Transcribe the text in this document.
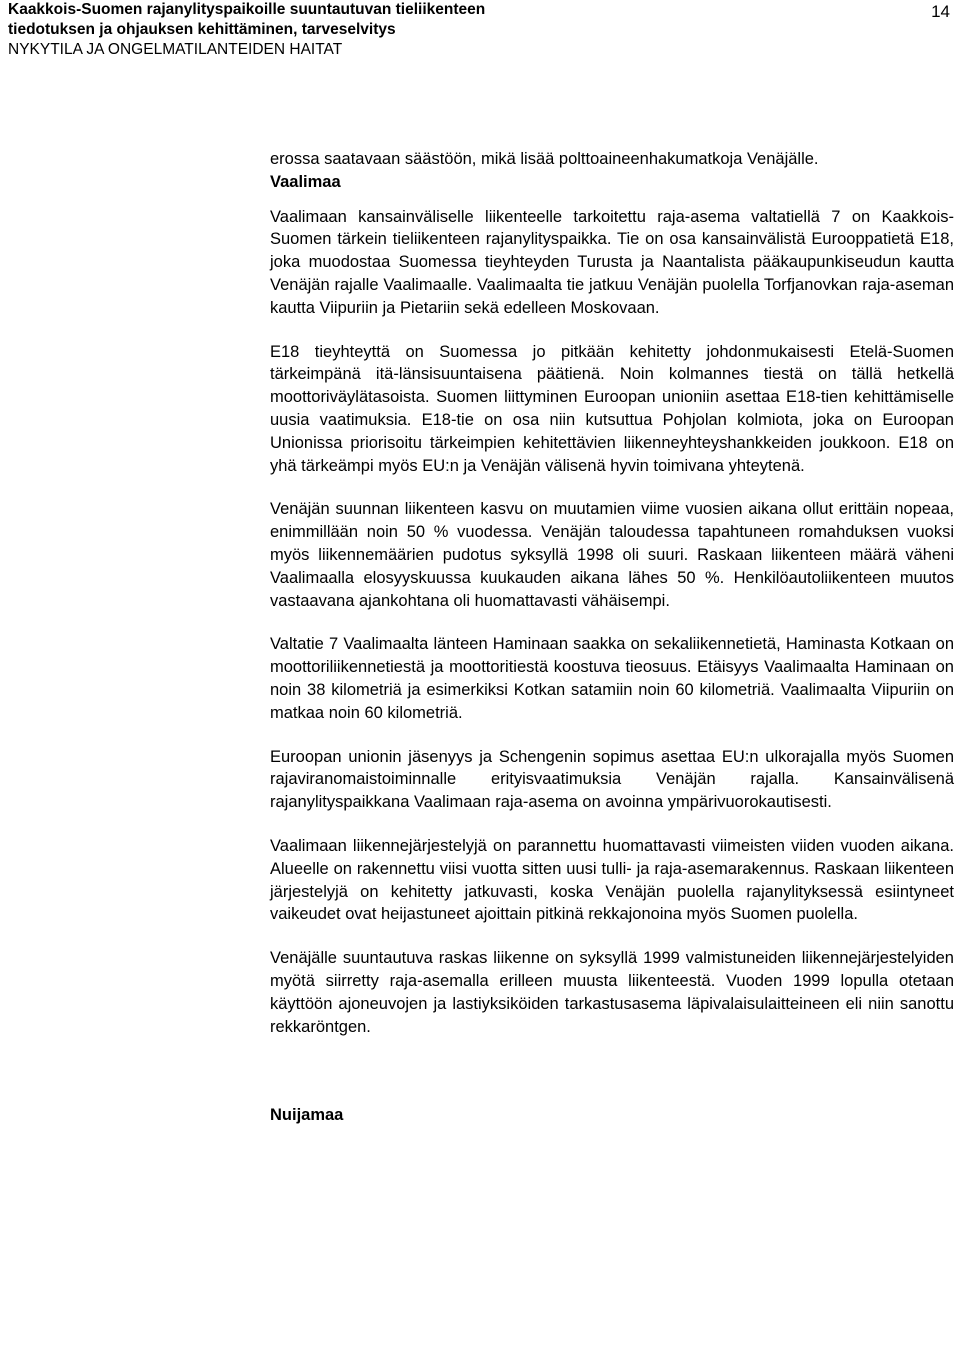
Kaakkois-Suomen rajanylityspaikoille suuntautuvan tieliikenteen

tiedotuksen ja ohjauksen kehittäminen, tarveselvitys

NYKYTILA JA ONGELMATILANTEIDEN HAITAT

14

erossa saatavaan säästöön, mikä lisää polttoaineenhakumatkoja Venäjälle.

Vaalimaa

Vaalimaan kansainväliselle liikenteelle tarkoitettu raja-asema valtatiellä 7 on Kaakkois-Suomen tärkein tieliikenteen rajanylityspaikka. Tie on osa kansainvälistä Eurooppatietä E18, joka muodostaa Suomessa tieyhteyden Turusta ja Naantalista pääkaupunkiseudun kautta Venäjän rajalle Vaalimaalle. Vaalimaalta tie jatkuu Venäjän puolella Torfjanovkan raja-aseman kautta Viipuriin ja Pietariin sekä edelleen Moskovaan.

E18 tieyhteyttä on Suomessa jo pitkään kehitetty johdonmukaisesti Etelä-Suomen tärkeimpänä itä-länsisuuntaisena päätienä. Noin kolmannes tiestä on tällä hetkellä moottoriväylätasoista. Suomen liittyminen Euroopan unioniin asettaa E18-tien kehittämiselle uusia vaatimuksia. E18-tie on osa niin kutsuttua Pohjolan kolmiota, joka on Euroopan Unionissa priorisoitu tärkeimpien kehitettävien liikenneyhteyshankkeiden joukkoon. E18 on yhä tärkeämpi myös EU:n ja Venäjän välisenä hyvin toimivana yhteytenä.

Venäjän suunnan liikenteen kasvu on muutamien viime vuosien aikana ollut erittäin nopeaa, enimmillään noin 50 % vuodessa. Venäjän taloudessa tapahtuneen romahduksen vuoksi myös liikennemäärien pudotus syksyllä 1998 oli suuri. Raskaan liikenteen määrä väheni Vaalimaalla elosyyskuussa kuukauden aikana lähes 50 %. Henkilöautoliikenteen muutos vastaavana ajankohtana oli huomattavasti vähäisempi.

Valtatie 7 Vaalimaalta länteen Haminaan saakka on sekaliikennetietä, Haminasta Kotkaan on moottoriliikennetiestä ja moottoritiestä koostuva tieosuus. Etäisyys Vaalimaalta Haminaan on noin 38 kilometriä ja esimerkiksi Kotkan satamiin noin 60 kilometriä. Vaalimaalta Viipuriin on matkaa noin 60 kilometriä.

Euroopan unionin jäsenyys ja Schengenin sopimus asettaa EU:n ulkorajalla myös Suomen rajaviranomaistoiminnalle erityisvaatimuksia Venäjän rajalla. Kansainvälisenä rajanylityspaikkana Vaalimaan raja-asema on avoinna ympärivuorokautisesti.

Vaalimaan liikennejärjestelyjä on parannettu huomattavasti viimeisten viiden vuoden aikana. Alueelle on rakennettu viisi vuotta sitten uusi tulli- ja raja-asemarakennus. Raskaan liikenteen järjestelyjä on kehitetty jatkuvasti, koska Venäjän puolella rajanylityksessä esiintyneet vaikeudet ovat heijastuneet ajoittain pitkinä rekkajonoina myös Suomen puolella.

Venäjälle suuntautuva raskas liikenne on syksyllä 1999 valmistuneiden liikennejärjestelyiden myötä siirretty raja-asemalla erilleen muusta liikenteestä. Vuoden 1999 lopulla otetaan käyttöön ajoneuvojen ja lastiyksiköiden tarkastusasema läpivalaisulaitteineen eli niin sanottu rekkaröntgen.

Nuijamaa
